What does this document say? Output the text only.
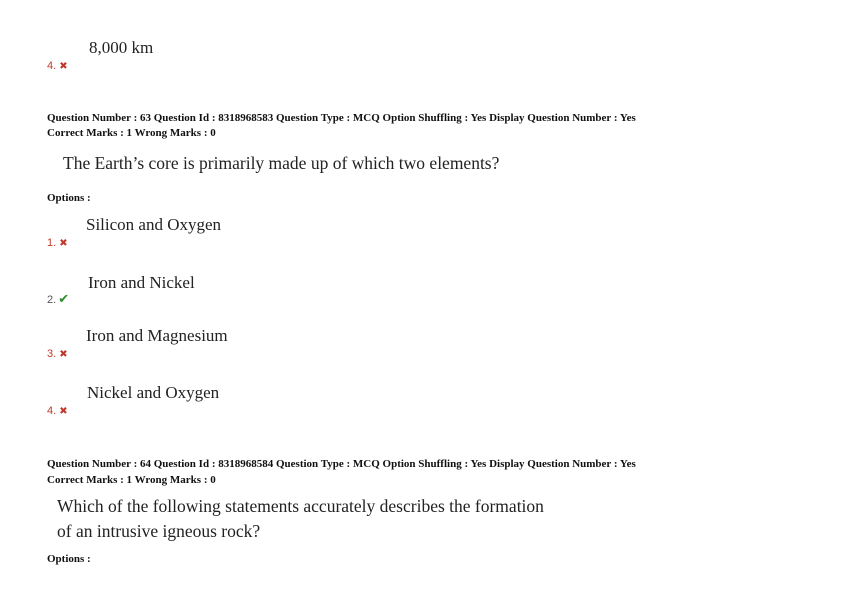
8,000 km
4. ✖
Question Number : 63 Question Id : 8318968583 Question Type : MCQ Option Shuffling : Yes Display Question Number : Yes
Correct Marks : 1 Wrong Marks : 0
The Earth’s core is primarily made up of which two elements?
Options :
Silicon and Oxygen
1. ✖
Iron and Nickel
2. ✔
Iron and Magnesium
3. ✖
Nickel and Oxygen
4. ✖
Question Number : 64 Question Id : 8318968584 Question Type : MCQ Option Shuffling : Yes Display Question Number : Yes
Correct Marks : 1 Wrong Marks : 0
Which of the following statements accurately describes the formation
of an intrusive igneous rock?
Options :
